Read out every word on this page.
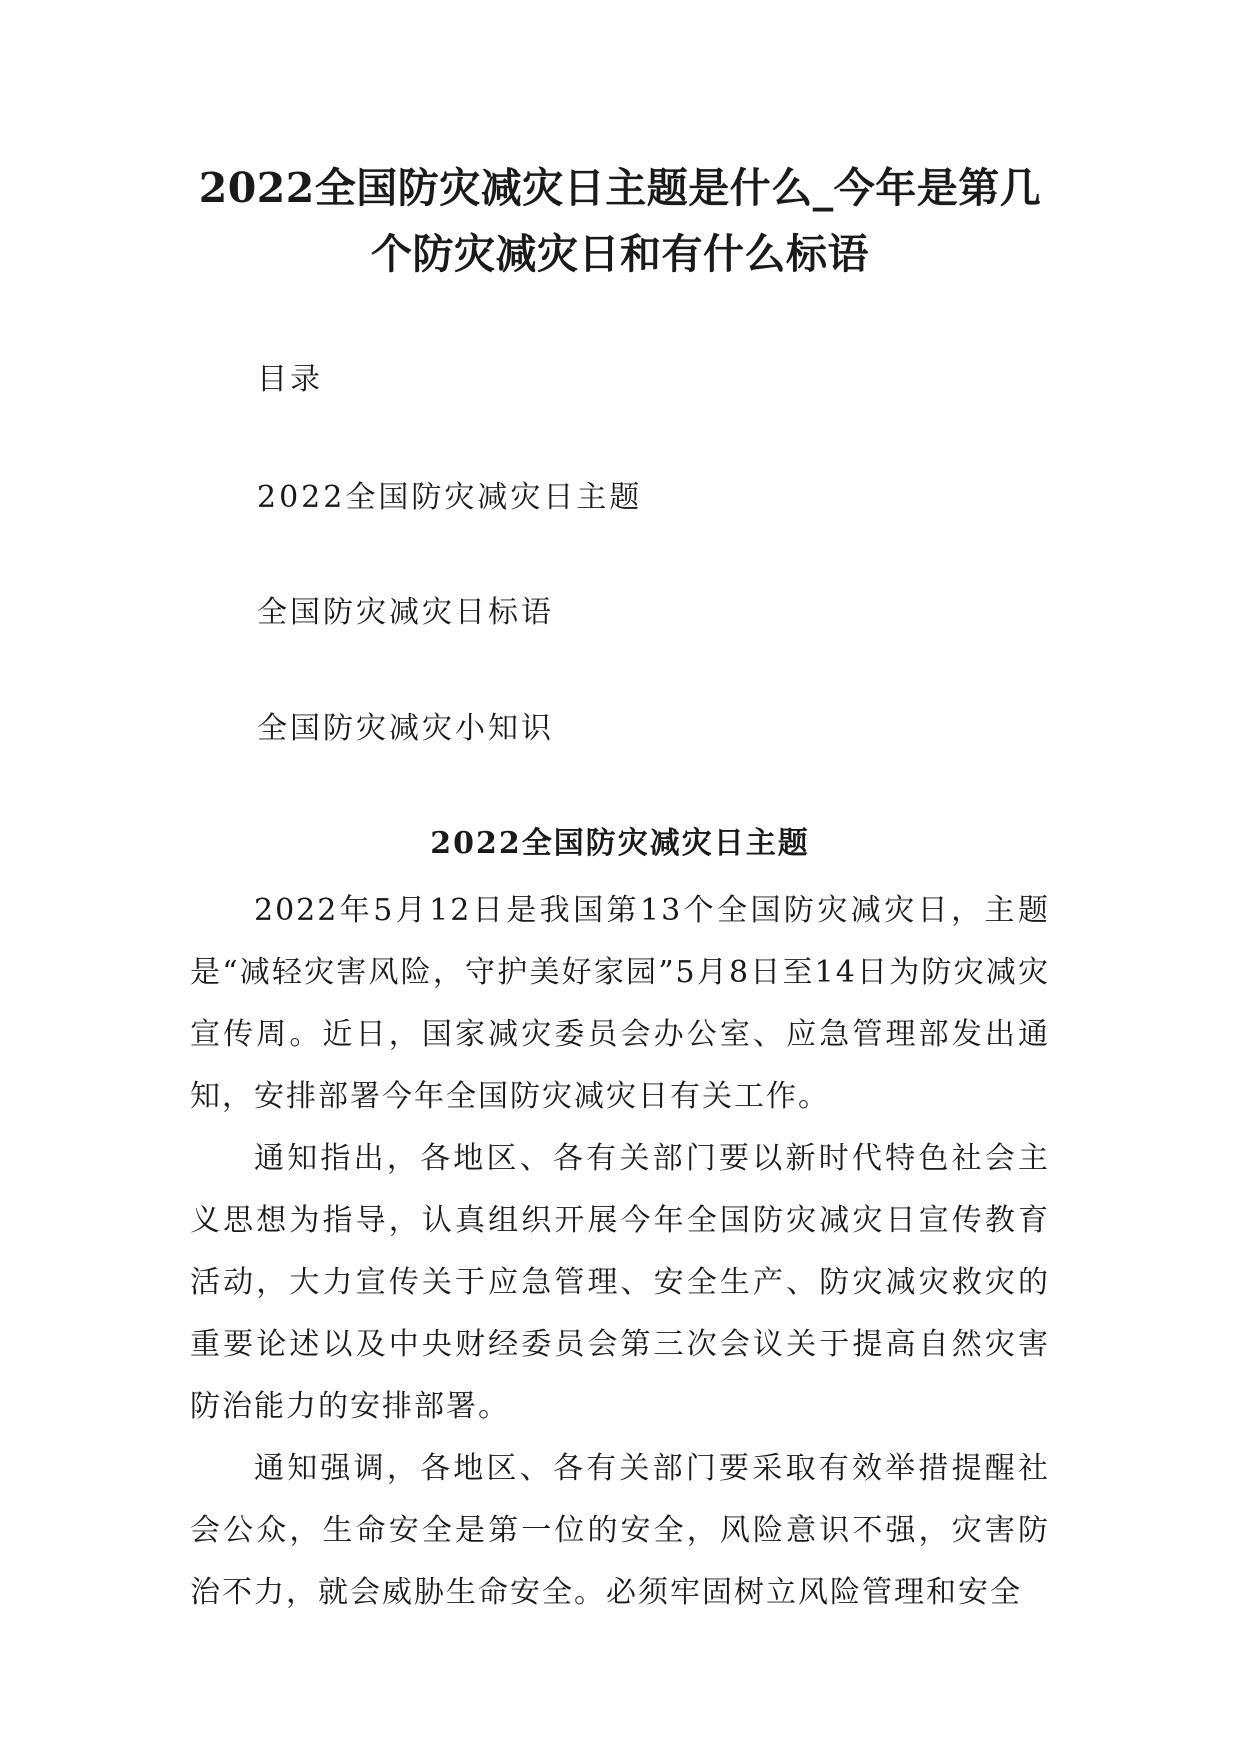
2022全国防灾减灾日主题是什么_今年是第几个防灾减灾日和有什么标语
目录
2022全国防灾减灾日主题
全国防灾减灾日标语
全国防灾减灾小知识
2022全国防灾减灾日主题

2022年5月12日是我国第13个全国防灾减灾日，主题是“减轻灾害风险，守护美好家园”5月8日至14日为防灾减灾宣传周。近日，国家减灾委员会办公室、应急管理部发出通知，安排部署今年全国防灾减灾日有关工作。

通知指出，各地区、各有关部门要以新时代特色社会主义思想为指导，认真组织开展今年全国防灾减灾日宣传教育活动，大力宣传关于应急管理、安全生产、防灾减灾救灾的重要论述以及中央财经委员会第三次会议关于提高自然灾害防治能力的安排部署。

通知强调，各地区、各有关部门要采取有效举措提醒社会公众，生命安全是第一位的安全，风险意识不强，灾害防治不力，就会威胁生命安全。必须牢固树立风险管理和安全
